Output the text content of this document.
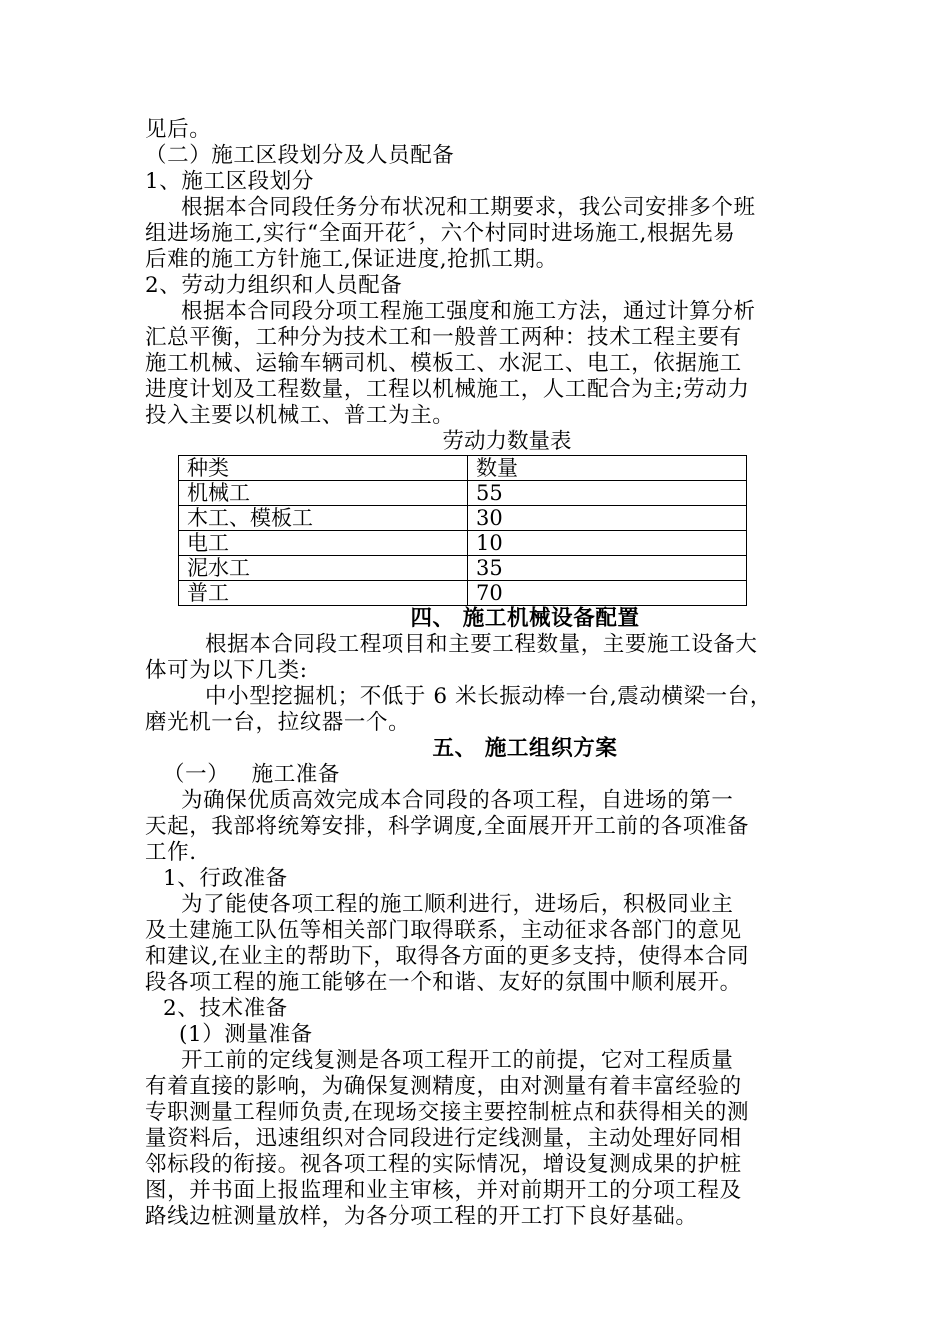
见后。
（二）施工区段划分及人员配备
1、施工区段划分
根据本合同段任务分布状况和工期要求，我公司安排多个班
组进场施工,实行“全面开花〞，六个村同时进场施工,根据先易
后难的施工方针施工,保证进度,抢抓工期。
2、劳动力组织和人员配备
根据本合同段分项工程施工强度和施工方法，通过计算分析
汇总平衡，工种分为技术工和一般普工两种：技术工程主要有
施工机械、运输车辆司机、模板工、水泥工、电工，依据施工
进度计划及工程数量，工程以机械施工，人工配合为主;劳动力
投入主要以机械工、普工为主。
劳动力数量表
种类	数量
机械工	55
木工、模板工	30
电工	10
泥水工	35
普工	70
四、 施工机械设备配置
根据本合同段工程项目和主要工程数量，主要施工设备大
体可为以下几类:
中小型挖掘机；不低于 6 米长振动棒一台,震动横梁一台，
磨光机一台，拉纹器一个。
五、 施工组织方案
（一）   施工准备
为确保优质高效完成本合同段的各项工程，自进场的第一
天起，我部将统筹安排，科学调度,全面展开开工前的各项准备
工作.
1、行政准备
为了能使各项工程的施工顺利进行，进场后，积极同业主
及土建施工队伍等相关部门取得联系，主动征求各部门的意见
和建议,在业主的帮助下，取得各方面的更多支持，使得本合同
段各项工程的施工能够在一个和谐、友好的氛围中顺利展开。
2、技术准备
(1）测量准备
开工前的定线复测是各项工程开工的前提，它对工程质量
有着直接的影响，为确保复测精度，由对测量有着丰富经验的
专职测量工程师负责,在现场交接主要控制桩点和获得相关的测
量资料后，迅速组织对合同段进行定线测量，主动处理好同相
邻标段的衔接。视各项工程的实际情况，增设复测成果的护桩
图，并书面上报监理和业主审核，并对前期开工的分项工程及
路线边桩测量放样，为各分项工程的开工打下良好基础。
